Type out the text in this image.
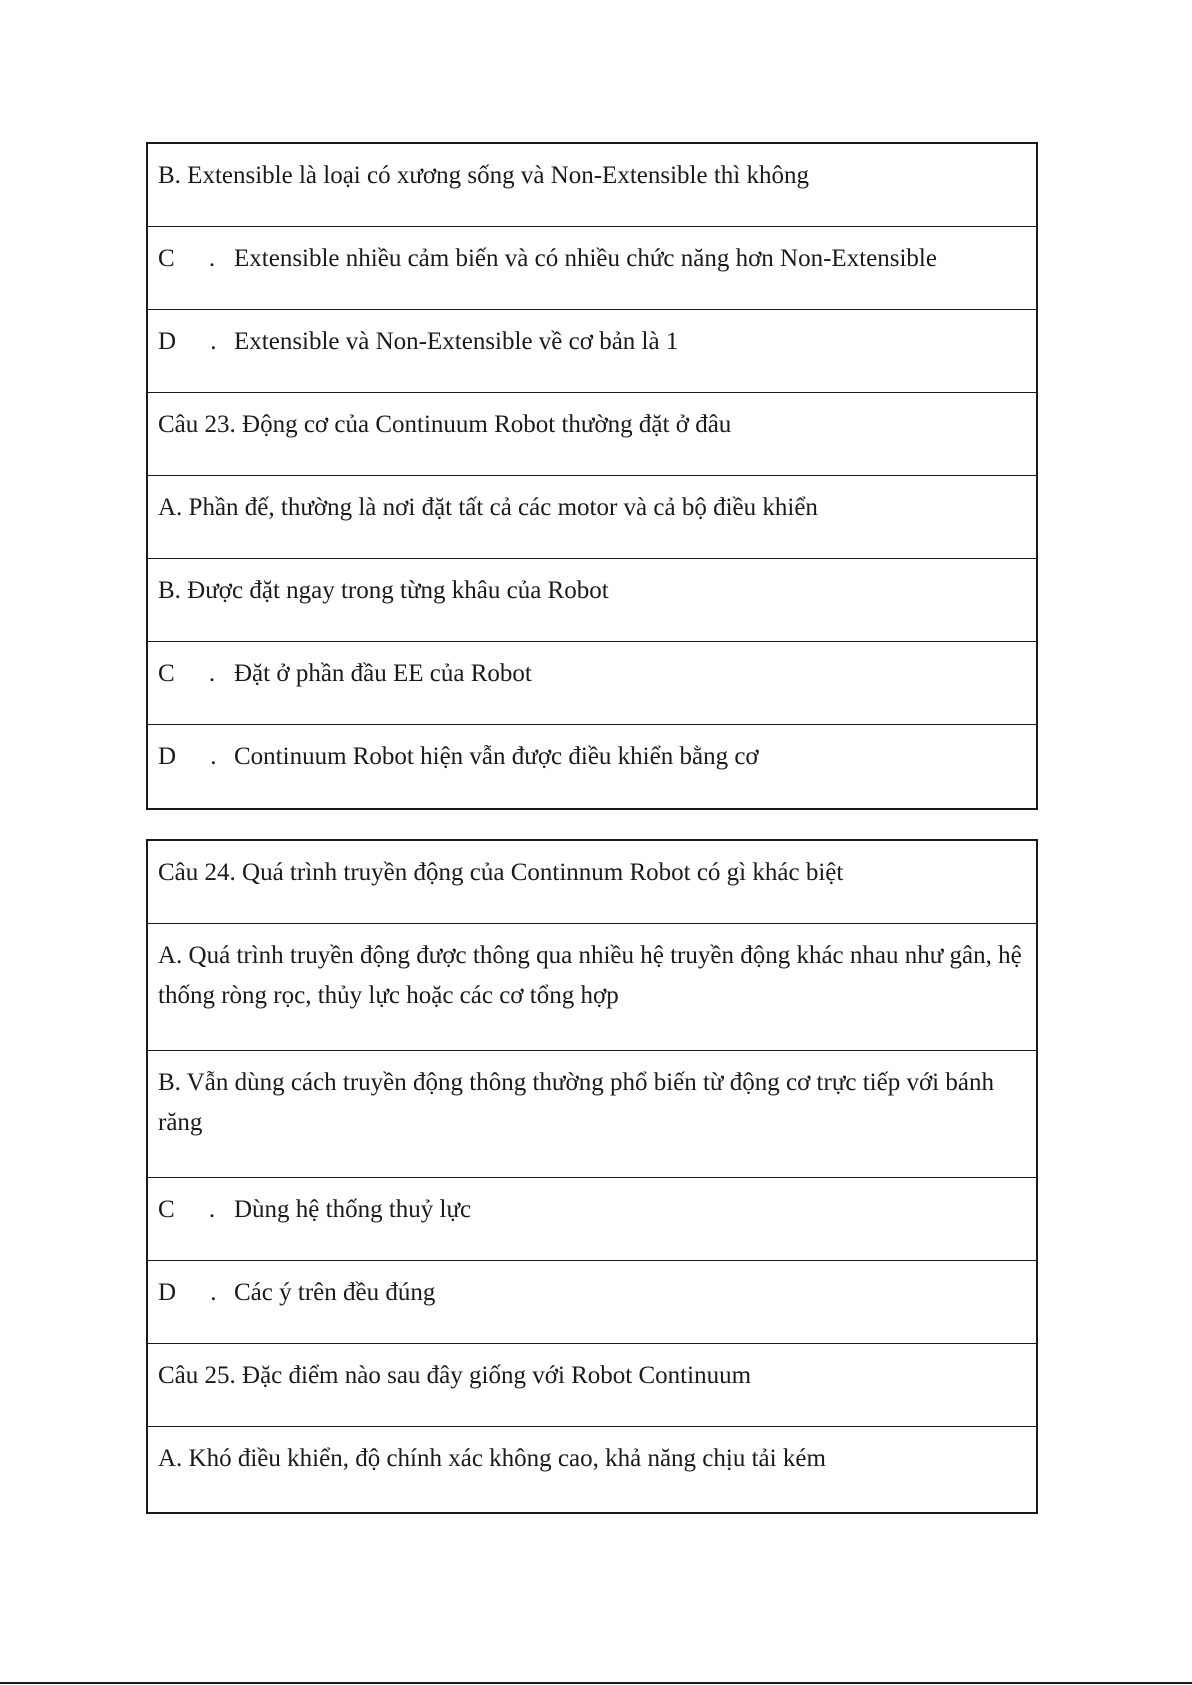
B. Extensible là loại có xương sống và Non-Extensible thì không
C . Extensible nhiều cảm biến và có nhiều chức năng hơn Non-Extensible
D . Extensible và Non-Extensible về cơ bản là 1
Câu 23. Động cơ của Continuum Robot thường đặt ở đâu
A. Phần đế, thường là nơi đặt tất cả các motor và cả bộ điều khiển
B. Được đặt ngay trong từng khâu của Robot
C . Đặt ở phần đầu EE của Robot
D . Continuum Robot hiện vẫn được điều khiển bằng cơ
Câu 24. Quá trình truyền động của Continnum Robot có gì khác biệt
A. Quá trình truyền động được thông qua nhiều hệ truyền động khác nhau như gân, hệ thống ròng rọc, thủy lực hoặc các cơ tổng hợp
B. Vẫn dùng cách truyền động thông thường phổ biến từ động cơ trực tiếp với bánh răng
C . Dùng hệ thống thuỷ lực
D . Các ý trên đều đúng
Câu 25. Đặc điểm nào sau đây giống với Robot Continuum
A. Khó điều khiển, độ chính xác không cao, khả năng chịu tải kém
